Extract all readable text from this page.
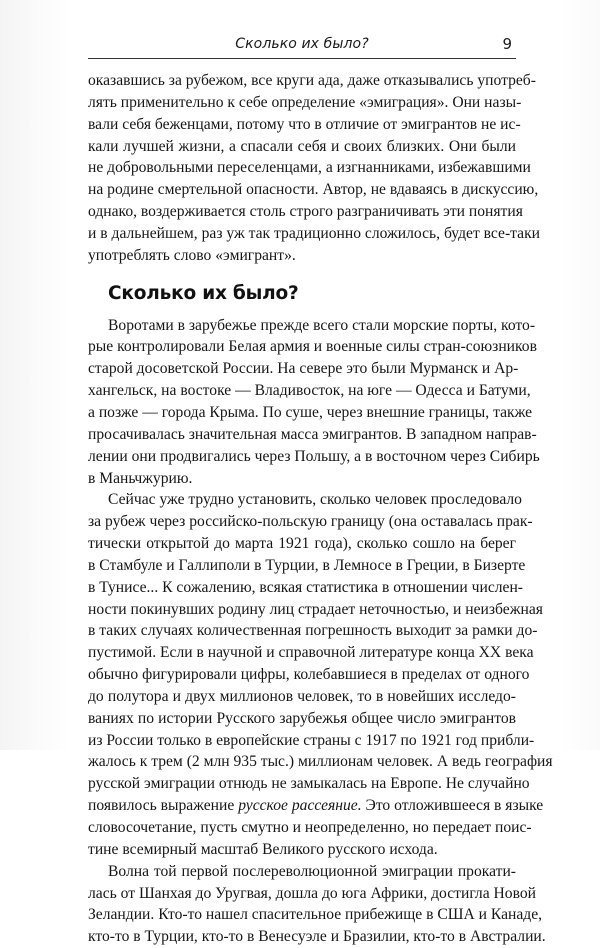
Сколько их было?	9
оказавшись за рубежом, все круги ада, даже отказывались употреб-
лять применительно к себе определение «эмиграция». Они назы-
вали себя беженцами, потому что в отличие от эмигрантов не ис-
кали лучшей жизни, а спасали себя и своих близких. Они были
не добровольными переселенцами, а изгнанниками, избежавшими
на родине смертельной опасности. Автор, не вдаваясь в дискуссию,
однако, воздерживается столь строго разграничивать эти понятия
и в дальнейшем, раз уж так традиционно сложилось, будет все-таки
употреблять слово «эмигрант».
Сколько их было?
Воротами в зарубежье прежде всего стали морские порты, кото-
рые контролировали Белая армия и военные силы стран-союзников
старой досоветской России. На севере это были Мурманск и Ар-
хангельск, на востоке — Владивосток, на юге — Одесса и Батуми,
а позже — города Крыма. По суше, через внешние границы, также
просачивалась значительная масса эмигрантов. В западном направ-
лении они продвигались через Польшу, а в восточном через Сибирь
в Маньчжурию.
Сейчас уже трудно установить, сколько человек проследовало
за рубеж через российско-польскую границу (она оставалась прак-
тически открытой до марта 1921 года), сколько сошло на берег
в Стамбуле и Галлиполи в Турции, в Лемносе в Греции, в Бизерте
в Тунисе... К сожалению, всякая статистика в отношении числен-
ности покинувших родину лиц страдает неточностью, и неизбежная
в таких случаях количественная погрешность выходит за рамки до-
пустимой. Если в научной и справочной литературе конца XX века
обычно фигурировали цифры, колебавшиеся в пределах от одного
до полутора и двух миллионов человек, то в новейших исследо-
ваниях по истории Русского зарубежья общее число эмигрантов
из России только в европейские страны с 1917 по 1921 год прибли-
жалось к трем (2 млн 935 тыс.) миллионам человек. А ведь география
русской эмиграции отнюдь не замыкалась на Европе. Не случайно
появилось выражение русское рассеяние. Это отложившееся в языке
словосочетание, пусть смутно и неопределенно, но передает поис-
тине всемирный масштаб Великого русского исхода.
Волна той первой послереволюционной эмиграции прокати-
лась от Шанхая до Уругвая, дошла до юга Африки, достигла Новой
Зеландии. Кто-то нашел спасительное прибежище в США и Канаде,
кто-то в Турции, кто-то в Венесуэле и Бразилии, кто-то в Австралии.
